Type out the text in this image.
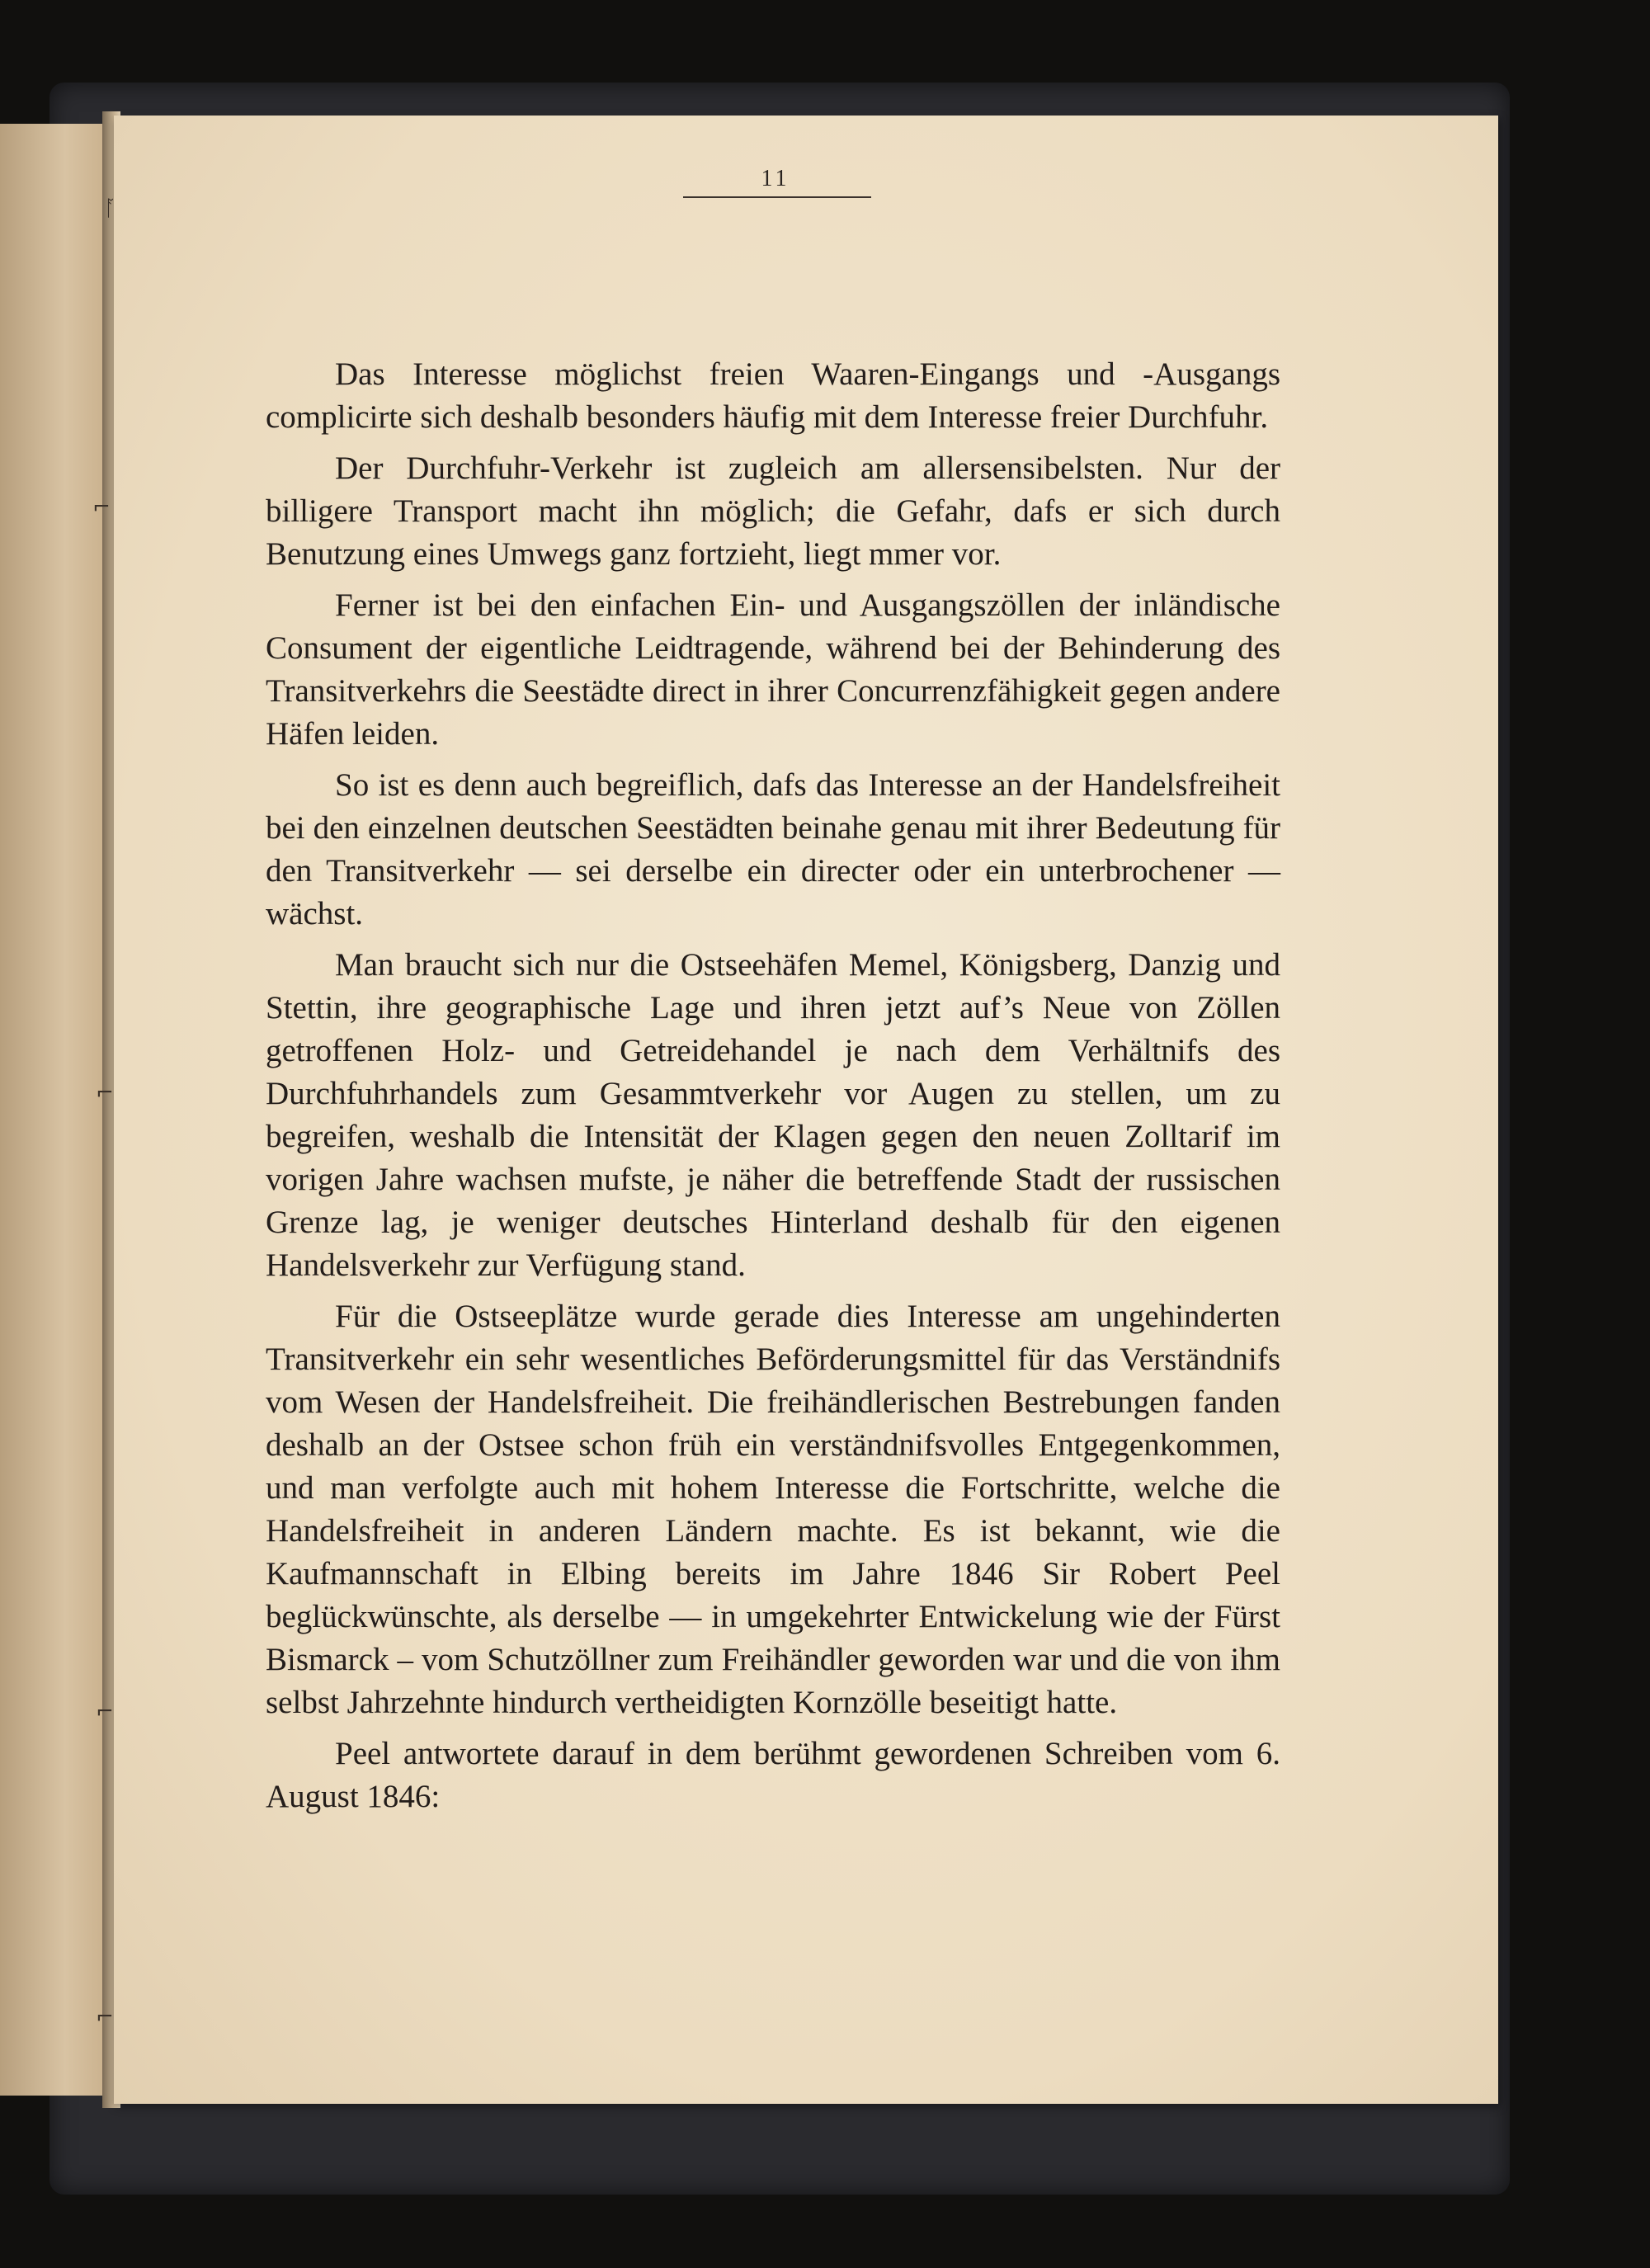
ᚪ
⌐
⌐
⌐
⌐
11

Das Interesse möglichst freien Waaren-Eingangs und -Ausgangs complicirte sich deshalb besonders häufig mit dem Interesse freier Durchfuhr.

Der Durchfuhr-Verkehr ist zugleich am allersensibelsten. Nur der billigere Transport macht ihn möglich; die Gefahr, dafs er sich durch Benutzung eines Umwegs ganz fortzieht, liegt mmer vor.

Ferner ist bei den einfachen Ein- und Ausgangszöllen der inländische Consument der eigentliche Leidtragende, während bei der Behinderung des Transitverkehrs die Seestädte direct in ihrer Concurrenzfähigkeit gegen andere Häfen leiden.

So ist es denn auch begreiflich, dafs das Interesse an der Handelsfreiheit bei den einzelnen deutschen Seestädten beinahe genau mit ihrer Bedeutung für den Transitverkehr — sei derselbe ein directer oder ein unterbrochener — wächst.

Man braucht sich nur die Ostseehäfen Memel, Königsberg, Danzig und Stettin, ihre geographische Lage und ihren jetzt auf’s Neue von Zöllen getroffenen Holz- und Getreidehandel je nach dem Verhältnifs des Durchfuhrhandels zum Gesammtverkehr vor Augen zu stellen, um zu begreifen, weshalb die Intensität der Klagen gegen den neuen Zolltarif im vorigen Jahre wachsen mufste, je näher die betreffende Stadt der russischen Grenze lag, je weniger deutsches Hinterland deshalb für den eigenen Handelsverkehr zur Verfügung stand.

Für die Ostseeplätze wurde gerade dies Interesse am ungehinderten Transitverkehr ein sehr wesentliches Beförderungsmittel für das Verständnifs vom Wesen der Handelsfreiheit. Die freihändlerischen Bestrebungen fanden deshalb an der Ostsee schon früh ein verständnifsvolles Entgegenkommen, und man verfolgte auch mit hohem Interesse die Fortschritte, welche die Handelsfreiheit in anderen Ländern machte. Es ist bekannt, wie die Kaufmannschaft in Elbing bereits im Jahre 1846 Sir Robert Peel beglückwünschte, als derselbe — in umgekehrter Entwickelung wie der Fürst Bismarck – vom Schutzöllner zum Freihändler geworden war und die von ihm selbst Jahrzehnte hindurch vertheidigten Kornzölle beseitigt hatte.

Peel antwortete darauf in dem berühmt gewordenen Schreiben vom 6. August 1846:
